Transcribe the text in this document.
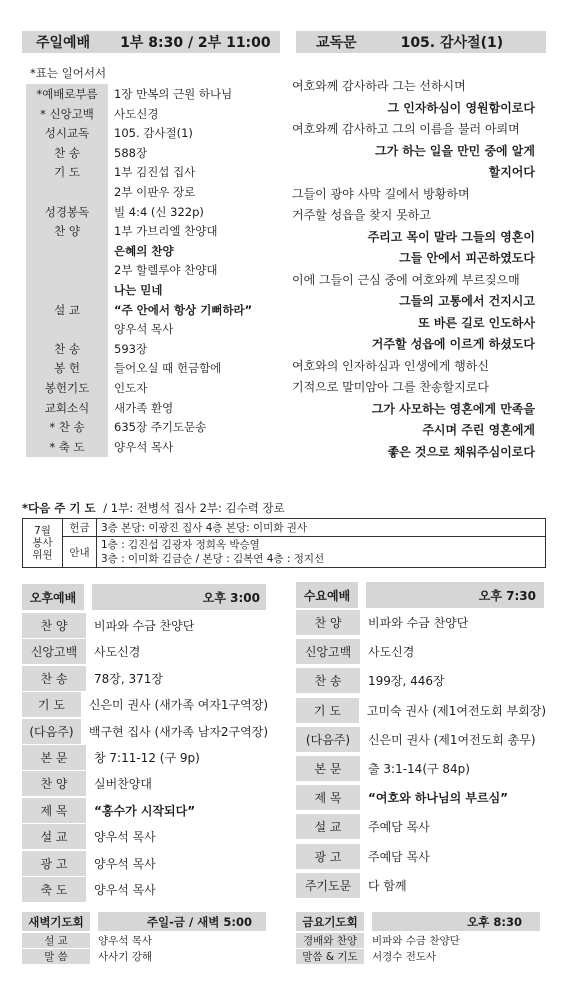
주일예배 1부 8:30 / 2부 11:00	교독문	105. 감사절(1)
*표는 일어서서
*예배로부름	1장 만복의 근원 하나님
* 신앙고백	사도신경
성시교독	105. 감사절(1)
찬 송	588장
기 도	1부 김진섭 집사
2부 이판우 장로
성경봉독	빌 4:4 (신 322p)
찬 양	1부 가브리엘 찬양대
은혜의 찬양
2부 할렐루야 찬양대
나는 믿네
설 교	“주 안에서 항상 기뻐하라”
양우석 목사
찬 송	593장
봉 헌	들어오실 때 헌금함에
봉헌기도	인도자
교회소식	새가족 환영
* 찬 송	635장 주기도문송
* 축 도	양우석 목사
여호와께 감사하라 그는 선하시며
그 인자하심이 영원함이로다
여호와께 감사하고 그의 이름을 불러 아뢰며
그가 하는 일을 만민 중에 알게
할지어다
그들이 광야 사막 길에서 방황하며
거주할 성읍을 찾지 못하고
주리고 목이 말라 그들의 영혼이
그들 안에서 피곤하였도다
이에 그들이 근심 중에 여호와께 부르짖으매
그들의 고통에서 건지시고
또 바른 길로 인도하사
거주할 성읍에 이르게 하셨도다
여호와의 인자하심과 인생에게 행하신
기적으로 말미암아 그를 찬송할지로다
그가 사모하는 영혼에게 만족을
주시며 주린 영혼에게
좋은 것으로 채워주심이로다
*다음 주 기 도 / 1부: 전병석 집사 2부: 김수력 장로
7월
봉사위원	헌금	3층 본당: 이광진 집사 4층 본당: 이미화 권사
	안내	1층 : 김진섭 김광자 정희옥 박승열
3층 : 이미화 김금순 / 본당 : 김복연 4층 : 정지선
오후예배	오후 3:00
찬 양	비파와 수금 찬양단
신앙고백	사도신경
찬 송	78장, 371장
기 도	신은미 권사 (새가족 여자1구역장)
(다음주)	백구현 집사 (새가족 남자2구역장)
본 문	창 7:11-12 (구 9p)
찬 양	실버찬양대
제 목	“홍수가 시작되다”
설 교	양우석 목사
광 고	양우석 목사
축 도	양우석 목사
수요예배	오후 7:30
찬 양	비파와 수금 찬양단
신앙고백	사도신경
찬 송	199장, 446장
기 도	고미숙 권사 (제1여전도회 부회장)
(다음주)	신은미 권사 (제1여전도회 총무)
본 문	출 3:1-14(구 84p)
제 목	“여호와 하나님의 부르심”
설 교	주예담 목사
광 고	주예담 목사
주기도문	다 함께
새벽기도회	주일-금 / 새벽 5:00
설 교	양우석 목사
말 씀	사사기 강해
금요기도회	오후 8:30
경배와 찬양	비파와 수금 찬양단
말씀 & 기도	서경수 전도사
